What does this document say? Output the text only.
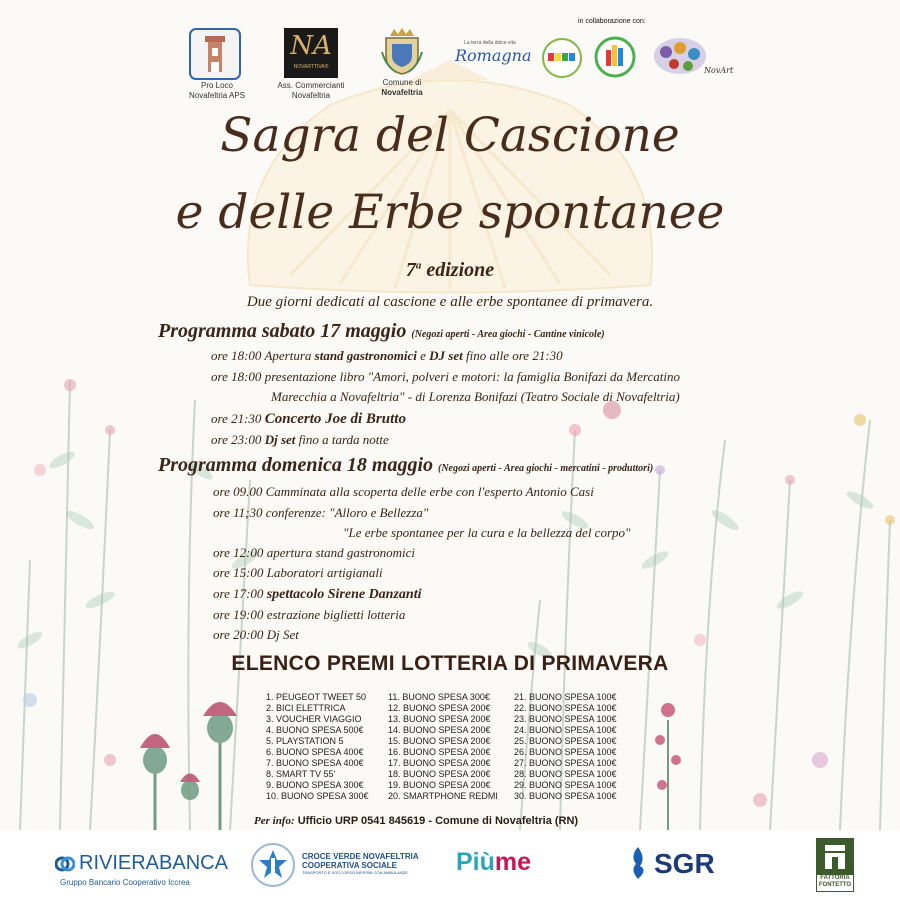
Pro Loco
Novafeltria APS
NA
NOVARTTIVA®
Ass. Commercianti
Novafeltria
Comune di
Novafeltria
La terra della dolce vita
Romagna
in collaborazione con:
NovArt
Sagra del Cascione
e delle Erbe spontanee
7$^a$ edizione
Due giorni dedicati al cascione e alle erbe spontanee di primavera.
Programma sabato 17 maggio (Negozi aperti - Area giochi - Cantine vinicole)
ore 18:00 Apertura stand gastronomici e DJ set fino alle ore 21:30
ore 18:00 presentazione libro "Amori, polveri e motori: la famiglia Bonifazi da Mercatino
Marecchia a Novafeltria" - di Lorenza Bonifazi (Teatro Sociale di Novafeltria)
ore 21:30 Concerto Joe di Brutto
ore 23:00 Dj set fino a tarda notte
Programma domenica 18 maggio (Negozi aperti - Area giochi - mercatini - produttori)
ore 09.00 Camminata alla scoperta delle erbe con l'esperto Antonio Casi
ore 11;30 conferenze: "Alloro e Bellezza"
"Le erbe spontanee per la cura e la bellezza del corpo"
ore 12:00 apertura stand gastronomici
ore 15:00 Laboratori artigianali
ore 17:00 spettacolo Sirene Danzanti
ore 19:00 estrazione biglietti lotteria
ore 20:00 Dj Set
ELENCO PREMI LOTTERIA DI PRIMAVERA
1. PEUGEOT TWEET 50
2. BICI ELETTRICA
3. VOUCHER VIAGGIO
4. BUONO SPESA 500€
5. PLAYSTATION 5
6. BUONO SPESA 400€
7. BUONO SPESA 400€
8. SMART TV 55'
9. BUONO SPESA 300€
10. BUONO SPESA 300€
11. BUONO SPESA 300€
12. BUONO SPESA 200€
13. BUONO SPESA 200€
14. BUONO SPESA 200€
15. BUONO SPESA 200€
16. BUONO SPESA 200€
17. BUONO SPESA 200€
18. BUONO SPESA 200€
19. BUONO SPESA 200€
20. SMARTPHONE REDMI
21. BUONO SPESA 100€
22. BUONO SPESA 100€
23. BUONO SPESA 100€
24. BUONO SPESA 100€
25. BUONO SPESA 100€
26. BUONO SPESA 100€
27. BUONO SPESA 100€
28. BUONO SPESA 100€
29. BUONO SPESA 100€
30. BUONO SPESA 100€
Per info: Ufficio URP 0541 845619 - Comune di Novafeltria (RN)
RIVIERABANCA
Gruppo Bancario Cooperativo Iccrea
CROCE VERDE NOVAFELTRIA
COOPERATIVA SOCIALE
TRASPORTO E SOCCORSO INFERMI CON AMBULANZE	Piùme	SGR	FATTORIA
FONTETTO
